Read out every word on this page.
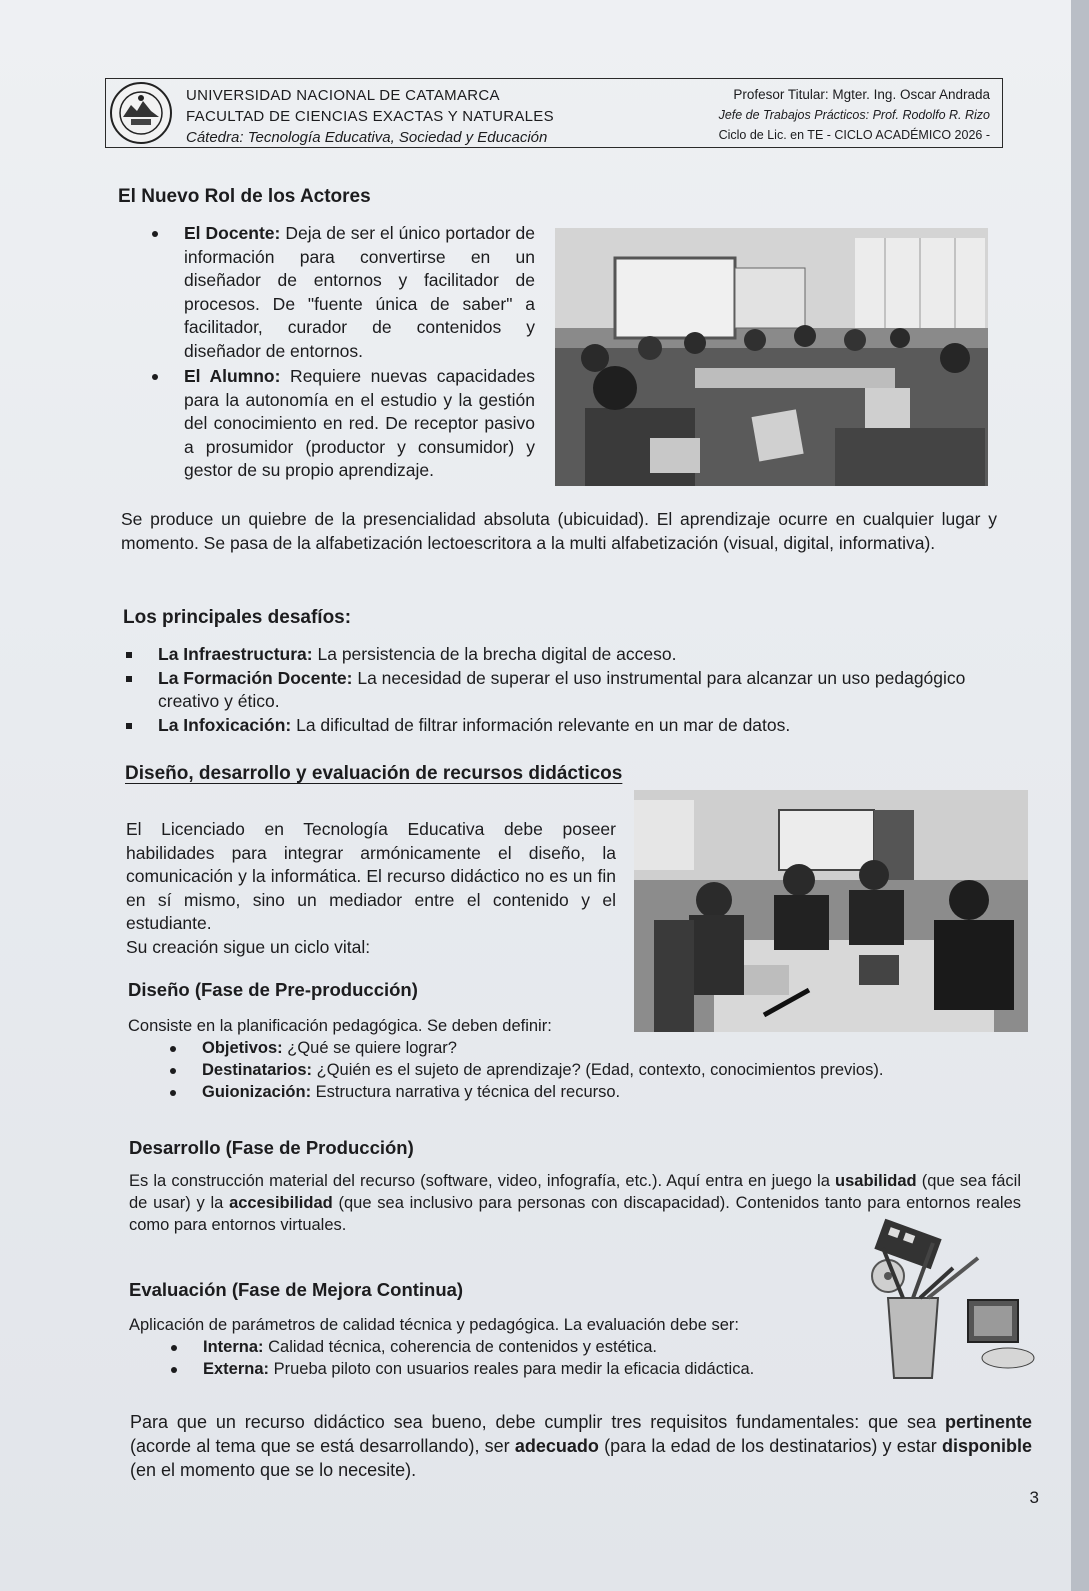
UNIVERSIDAD NACIONAL DE CATAMARCA
FACULTAD DE CIENCIAS EXACTAS Y NATURALES
Cátedra: Tecnología Educativa, Sociedad y Educación
Profesor Titular: Mgter. Ing. Oscar Andrada
Jefe de Trabajos Prácticos: Prof. Rodolfo R. Rizo
Ciclo de Lic. en TE - CICLO ACADÉMICO 2026 -
El Nuevo Rol de los Actores
El Docente: Deja de ser el único portador de información para convertirse en un diseñador de entornos y facilitador de procesos. De "fuente única de saber" a facilitador, curador de contenidos y diseñador de entornos.
El Alumno: Requiere nuevas capacidades para la autonomía en el estudio y la gestión del conocimiento en red. De receptor pasivo a prosumidor (productor y consumidor) y gestor de su propio aprendizaje.
Se produce un quiebre de la presencialidad absoluta (ubicuidad). El aprendizaje ocurre en cualquier lugar y momento. Se pasa de la alfabetización lectoescritora a la multi alfabetización (visual, digital, informativa).
Los principales desafíos:
La Infraestructura: La persistencia de la brecha digital de acceso.
La Formación Docente: La necesidad de superar el uso instrumental para alcanzar un uso pedagógico creativo y ético.
La Infoxicación: La dificultad de filtrar información relevante en un mar de datos.
Diseño, desarrollo y evaluación de recursos didácticos
El Licenciado en Tecnología Educativa debe poseer habilidades para integrar armónicamente el diseño, la comunicación y la informática. El recurso didáctico no es un fin en sí mismo, sino un mediador entre el contenido y el estudiante.
Su creación sigue un ciclo vital:
Diseño (Fase de Pre-producción)
Consiste en la planificación pedagógica. Se deben definir:
Objetivos: ¿Qué se quiere lograr?
Destinatarios: ¿Quién es el sujeto de aprendizaje? (Edad, contexto, conocimientos previos).
Guionización: Estructura narrativa y técnica del recurso.
Desarrollo (Fase de Producción)
Es la construcción material del recurso (software, video, infografía, etc.). Aquí entra en juego la usabilidad (que sea fácil de usar) y la accesibilidad (que sea inclusivo para personas con discapacidad). Contenidos tanto para entornos reales como para entornos virtuales.
Evaluación (Fase de Mejora Continua)
Aplicación de parámetros de calidad técnica y pedagógica. La evaluación debe ser:
Interna: Calidad técnica, coherencia de contenidos y estética.
Externa: Prueba piloto con usuarios reales para medir la eficacia didáctica.
Para que un recurso didáctico sea bueno, debe cumplir tres requisitos fundamentales: que sea pertinente (acorde al tema que se está desarrollando), ser adecuado (para la edad de los destinatarios) y estar disponible (en el momento que se lo necesite).
3
